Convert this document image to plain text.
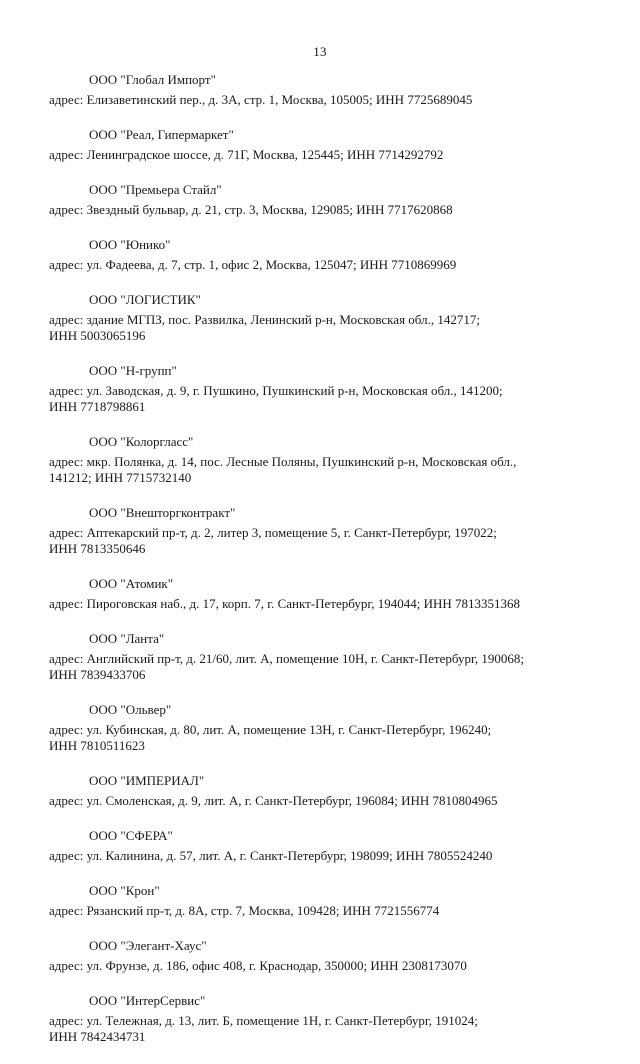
13
ООО "Глобал Импорт"
адрес: Елизаветинский пер., д. 3А, стр. 1, Москва, 105005; ИНН 7725689045
ООО "Реал, Гипермаркет"
адрес: Ленинградское шоссе, д. 71Г, Москва, 125445; ИНН 7714292792
ООО "Премьера Стайл"
адрес: Звездный бульвар, д. 21, стр. 3, Москва, 129085; ИНН 7717620868
ООО "Юнико"
адрес: ул. Фадеева, д. 7, стр. 1, офис 2, Москва, 125047; ИНН 7710869969
ООО "ЛОГИСТИК"
адрес: здание МГПЗ, пос. Развилка, Ленинский р-н, Московская обл., 142717;
ИНН 5003065196
ООО "Н-групп"
адрес: ул. Заводская, д. 9, г. Пушкино, Пушкинский р-н, Московская обл., 141200;
ИНН 7718798861
ООО "Колоргласс"
адрес: мкр. Полянка, д. 14, пос. Лесные Поляны, Пушкинский р-н, Московская обл.,
141212; ИНН 7715732140
ООО "Внешторгконтракт"
адрес: Аптекарский пр-т, д. 2, литер 3, помещение 5, г. Санкт-Петербург, 197022;
ИНН 7813350646
ООО "Атомик"
адрес: Пироговская наб., д. 17, корп. 7, г. Санкт-Петербург, 194044; ИНН 7813351368
ООО "Ланта"
адрес: Английский пр-т, д. 21/60, лит. А, помещение 10Н, г. Санкт-Петербург, 190068;
ИНН 7839433706
ООО "Ольвер"
адрес: ул. Кубинская, д. 80, лит. А, помещение 13Н, г. Санкт-Петербург, 196240;
ИНН 7810511623
ООО "ИМПЕРИАЛ"
адрес: ул. Смоленская, д. 9, лит. А, г. Санкт-Петербург, 196084; ИНН 7810804965
ООО "СФЕРА"
адрес: ул. Калинина, д. 57, лит. А, г. Санкт-Петербург, 198099; ИНН 7805524240
ООО "Крон"
адрес: Рязанский пр-т, д. 8А, стр. 7, Москва, 109428; ИНН 7721556774
ООО "Элегант-Хаус"
адрес: ул. Фрунзе, д. 186, офис 408, г. Краснодар, 350000; ИНН 2308173070
ООО "ИнтерСервис"
адрес: ул. Тележная, д. 13, лит. Б, помещение 1Н, г. Санкт-Петербург, 191024;
ИНН 7842434731
